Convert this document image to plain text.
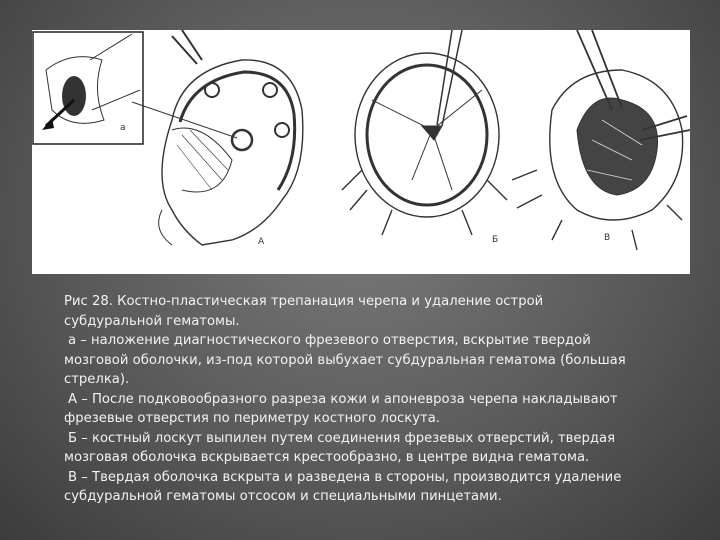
а
А	Б	В

Рис 28. Костно-пластическая трепанация черепа и удаление острой

субдуральной гематомы.

а – наложение диагностического фрезевого отверстия, вскрытие твердой

мозговой оболочки, из-под которой выбухает субдуральная гематома (большая

стрелка).

А – После подковообразного разреза кожи и апоневроза черепа накладывают

фрезевые отверстия по периметру костного лоскута.

Б – костный лоскут выпилен путем соединения фрезевых отверстий, твердая

мозговая оболочка вскрывается крестообразно, в центре видна гематома.

В – Твердая оболочка вскрыта и разведена в стороны, производится удаление

субдуральной гематомы отсосом и специальными пинцетами.
